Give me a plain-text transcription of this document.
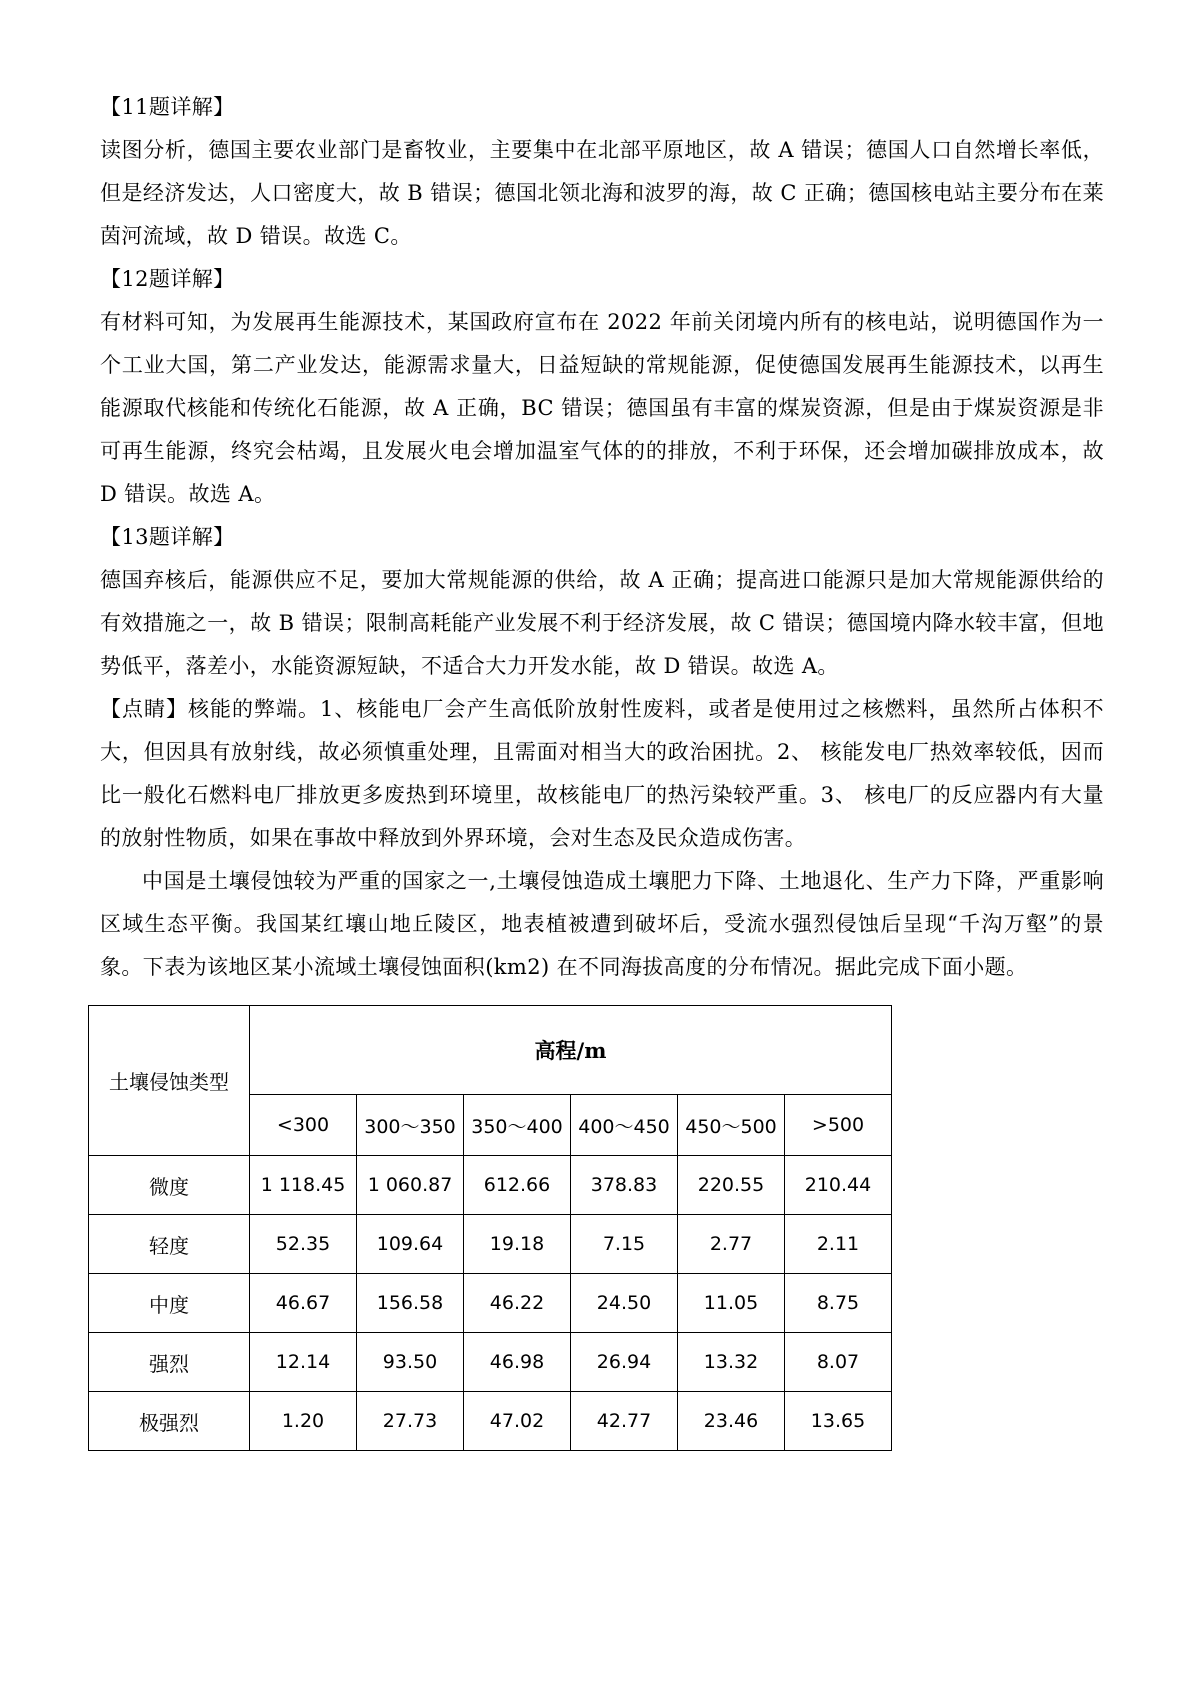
【11题详解】

读图分析，德国主要农业部门是畜牧业，主要集中在北部平原地区，故 A 错误；德国人口自然增长率低，但是经济发达，人口密度大，故 B 错误；德国北领北海和波罗的海，故 C 正确；德国核电站主要分布在莱茵河流域，故 D 错误。故选 C。

【12题详解】

有材料可知，为发展再生能源技术，某国政府宣布在 2022 年前关闭境内所有的核电站，说明德国作为一个工业大国，第二产业发达，能源需求量大，日益短缺的常规能源，促使德国发展再生能源技术，以再生能源取代核能和传统化石能源，故 A 正确，BC 错误；德国虽有丰富的煤炭资源，但是由于煤炭资源是非可再生能源，终究会枯竭，且发展火电会增加温室气体的的排放，不利于环保，还会增加碳排放成本，故 D 错误。故选 A。

【13题详解】

德国弃核后，能源供应不足，要加大常规能源的供给，故 A 正确；提高进口能源只是加大常规能源供给的有效措施之一，故 B 错误；限制高耗能产业发展不利于经济发展，故 C 错误；德国境内降水较丰富，但地势低平，落差小，水能资源短缺，不适合大力开发水能，故 D 错误。故选 A。

【点睛】核能的弊端。1、核能电厂会产生高低阶放射性废料，或者是使用过之核燃料，虽然所占体积不大，但因具有放射线，故必须慎重处理，且需面对相当大的政治困扰。2、 核能发电厂热效率较低，因而比一般化石燃料电厂排放更多废热到环境里，故核能电厂的热污染较严重。3、 核电厂的反应器内有大量的放射性物质，如果在事故中释放到外界环境，会对生态及民众造成伤害。

中国是土壤侵蚀较为严重的国家之一,土壤侵蚀造成土壤肥力下降、土地退化、生产力下降，严重影响区域生态平衡。我国某红壤山地丘陵区，地表植被遭到破坏后，受流水强烈侵蚀后呈现“千沟万壑”的景象。下表为该地区某小流域土壤侵蚀面积(km2) 在不同海拔高度的分布情况。据此完成下面小题。

土壤侵蚀类型	高程/m					
	<300	300～350	350～400	400～450	450～500	>500
微度	1 118.45	1 060.87	612.66	378.83	220.55	210.44
轻度	52.35	109.64	19.18	7.15	2.77	2.11
中度	46.67	156.58	46.22	24.50	11.05	8.75
强烈	12.14	93.50	46.98	26.94	13.32	8.07
极强烈	1.20	27.73	47.02	42.77	23.46	13.65
